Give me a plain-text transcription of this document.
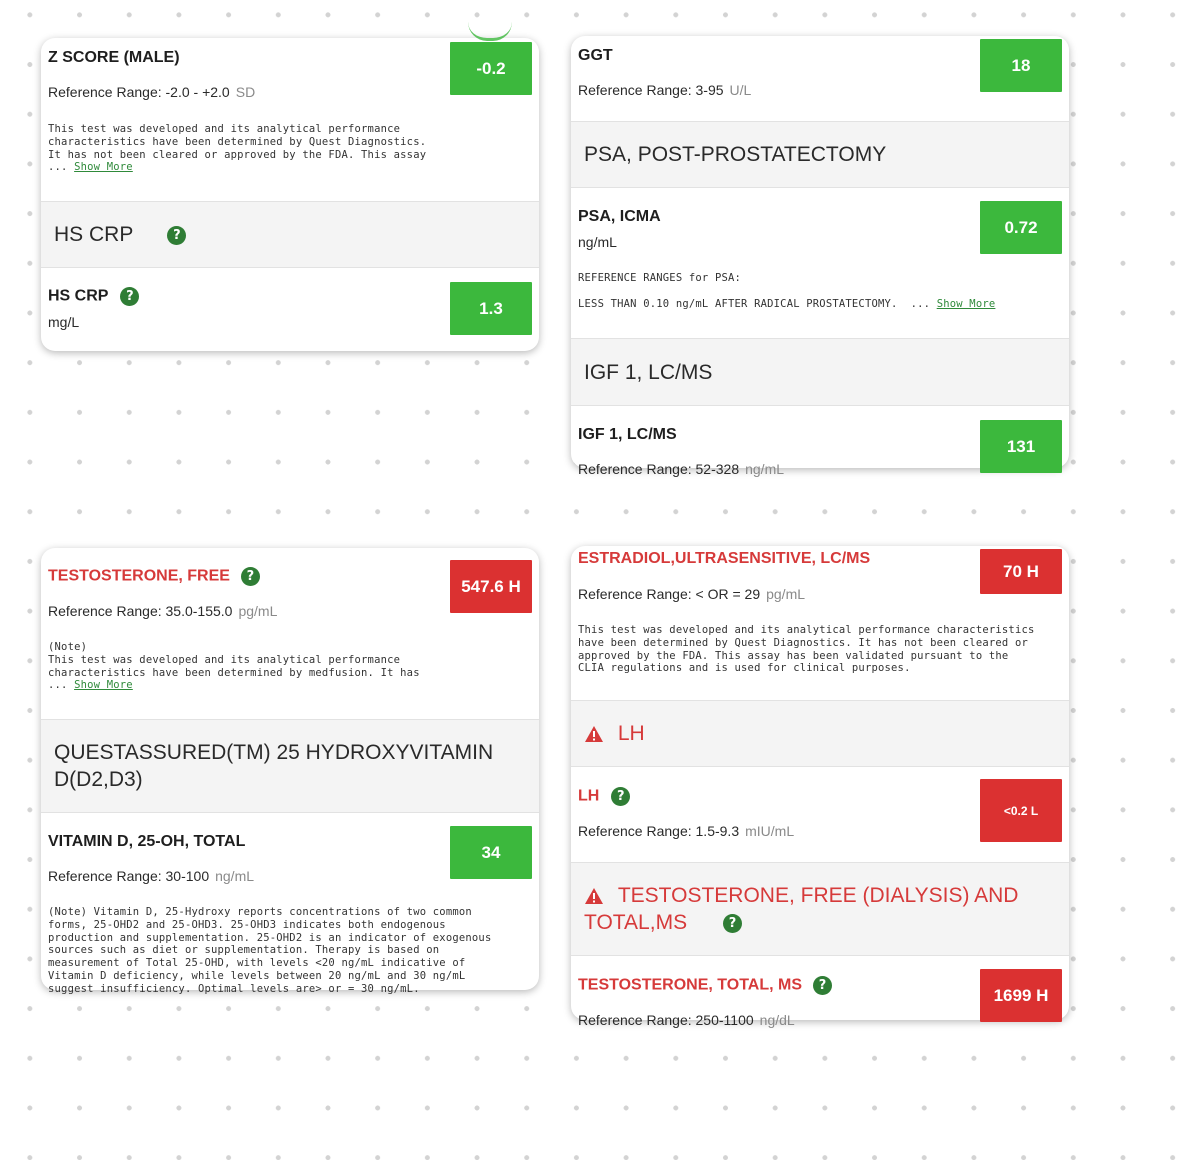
-0.2
Z SCORE (MALE)
Reference Range: -2.0 - +2.0 SD
This test was developed and its analytical performance
characteristics have been determined by Quest Diagnostics.
It has not been cleared or approved by the FDA. This assay
... Show More
HS CRP	?
HS CRP ?
mg/L
1.3
18
GGT
Reference Range: 3-95 U/L
PSA, POST-PROSTATECTOMY
PSA, ICMA
ng/mL
0.72
REFERENCE RANGES for PSA:
LESS THAN 0.10 ng/mL AFTER RADICAL PROSTATECTOMY.  ... Show More
IGF 1, LC/MS
IGF 1, LC/MS
131
Reference Range: 52-328 ng/mL
547.6 H
TESTOSTERONE, FREE ?
Reference Range: 35.0-155.0 pg/mL
(Note)
This test was developed and its analytical performance
characteristics have been determined by medfusion. It has
... Show More
QUESTASSURED(TM) 25 HYDROXYVITAMIN
D(D2,D3)
VITAMIN D, 25-OH, TOTAL
34
Reference Range: 30-100 ng/mL
(Note) Vitamin D, 25-Hydroxy reports concentrations of two common
forms, 25-OHD2 and 25-OHD3. 25-OHD3 indicates both endogenous
production and supplementation. 25-OHD2 is an indicator of exogenous
sources such as diet or supplementation. Therapy is based on
measurement of Total 25-OHD, with levels <20 ng/mL indicative of
Vitamin D deficiency, while levels between 20 ng/mL and 30 ng/mL
suggest insufficiency. Optimal levels are> or = 30 ng/mL.
70 H
ESTRADIOL,ULTRASENSITIVE, LC/MS
Reference Range: < OR = 29 pg/mL
This test was developed and its analytical performance characteristics
have been determined by Quest Diagnostics. It has not been cleared or
approved by the FDA. This assay has been validated pursuant to the
CLIA regulations and is used for clinical purposes.
LH
LH ?
<0.2 L
Reference Range: 1.5-9.3 mIU/mL
TESTOSTERONE, FREE (DIALYSIS) AND
TOTAL,MS	?
TESTOSTERONE, TOTAL, MS ?	1699 H
Reference Range: 250-1100 ng/dL
